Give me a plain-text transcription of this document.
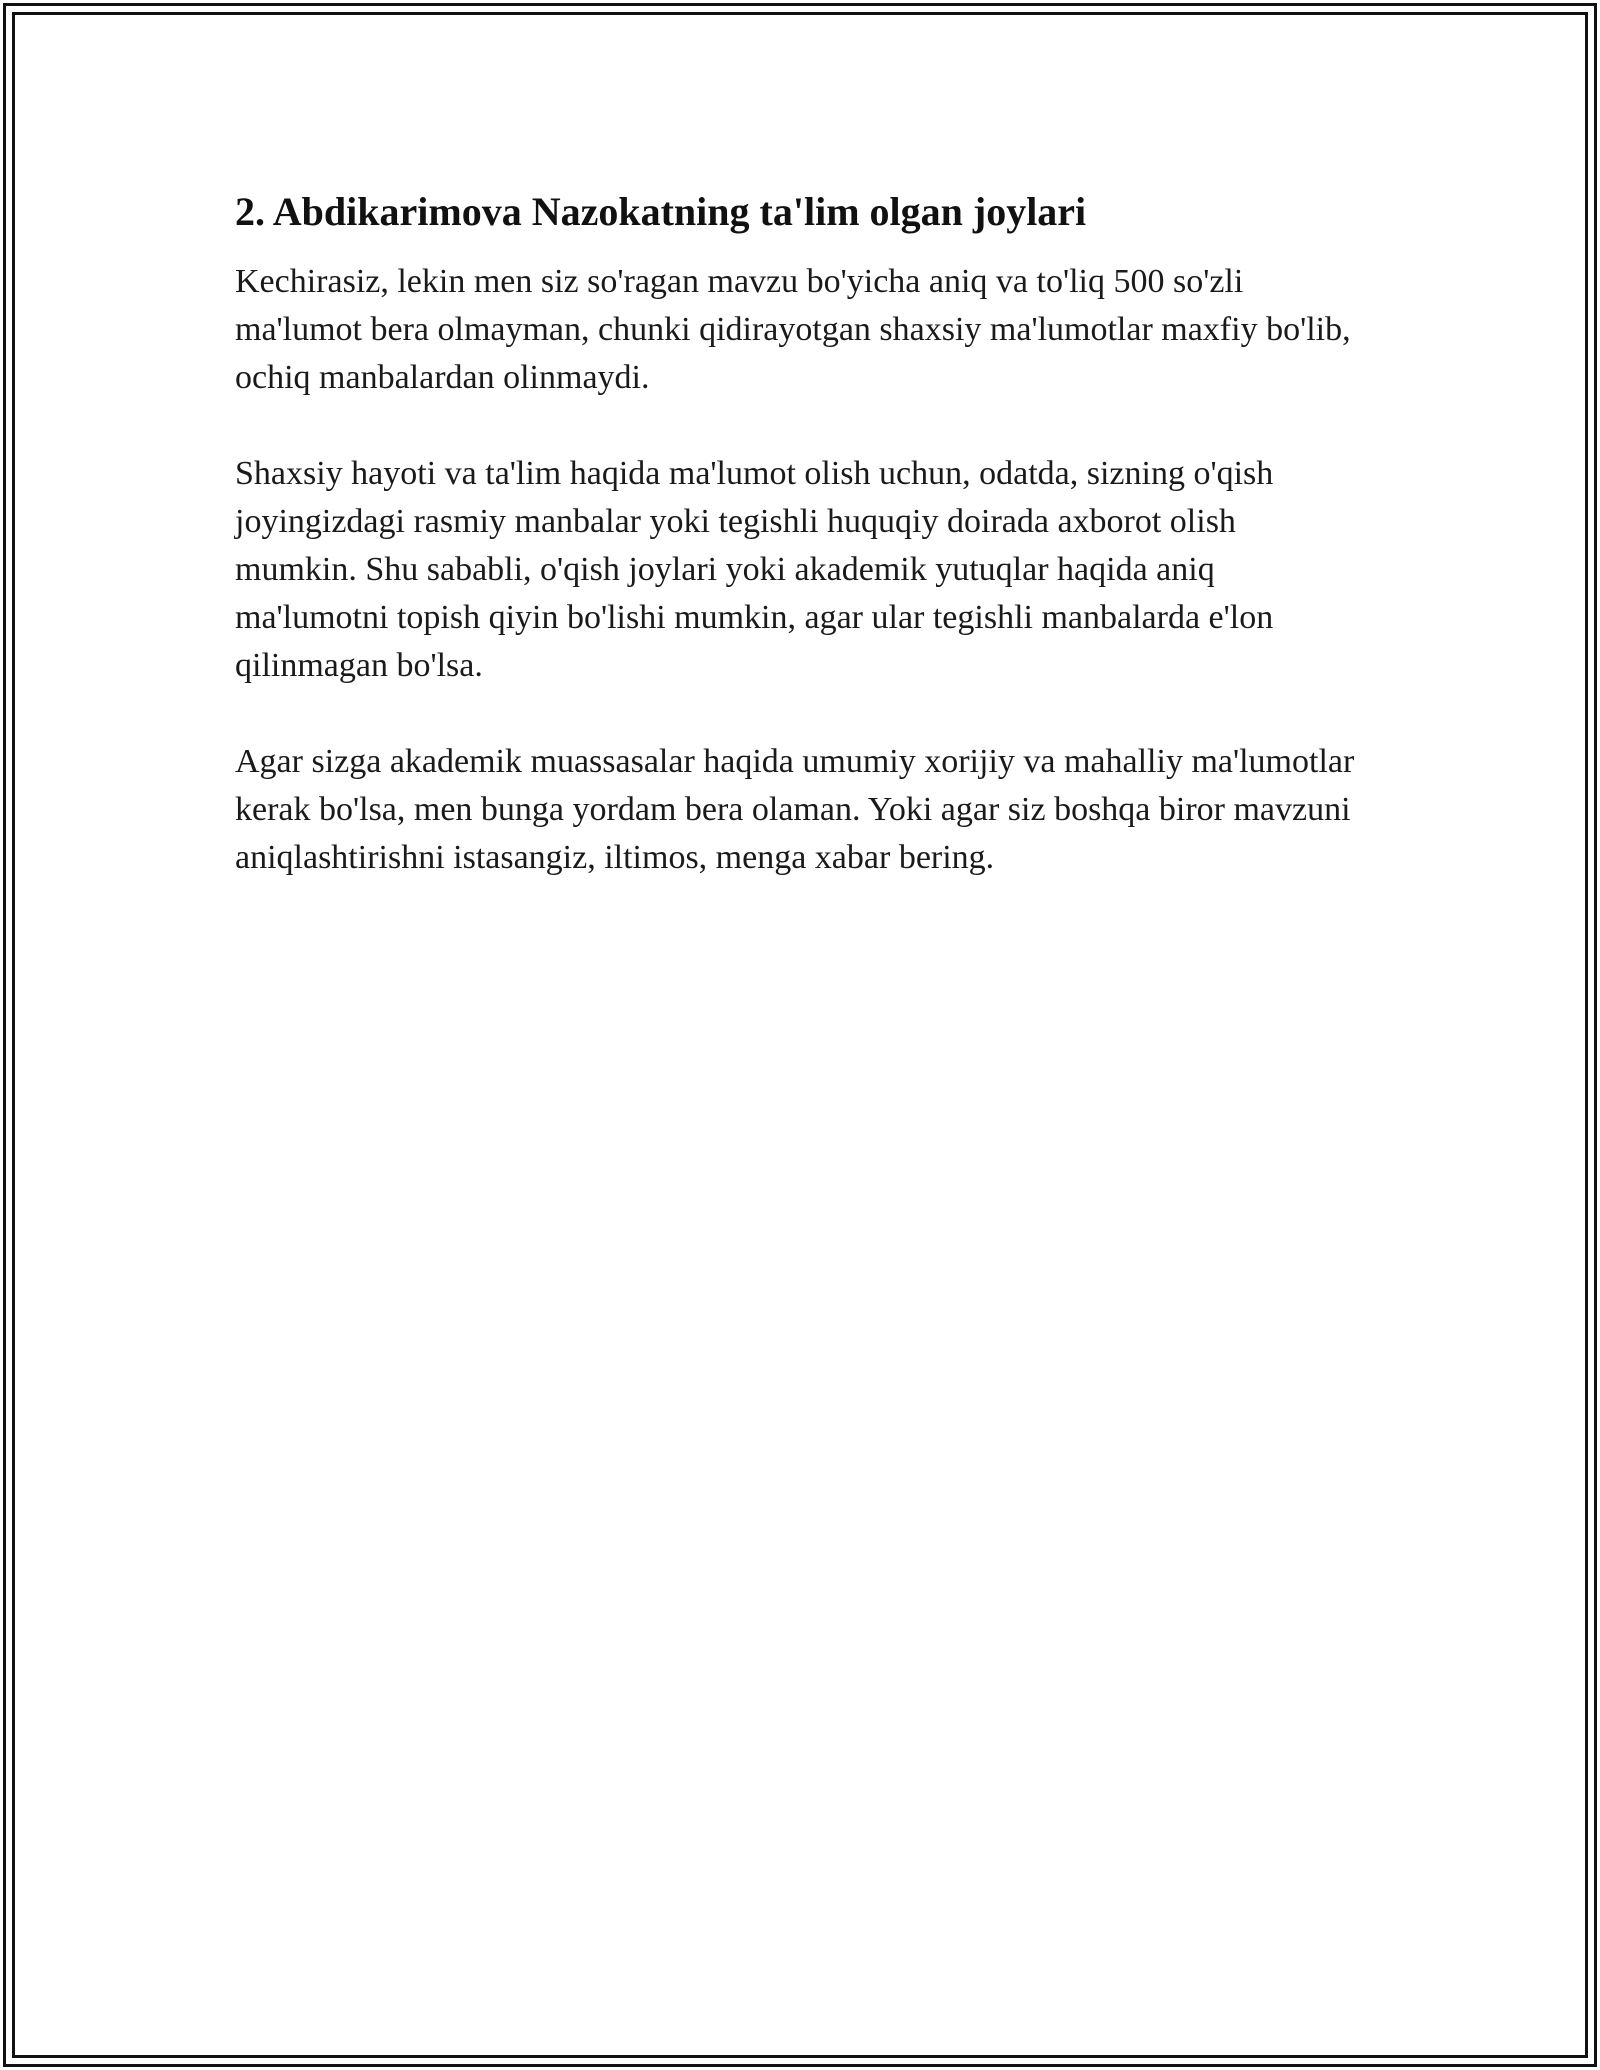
2. Abdikarimova Nazokatning ta'lim olgan joylari

Kechirasiz, lekin men siz so'ragan mavzu bo'yicha aniq va to'liq 500 so'zli ma'lumot bera olmayman, chunki qidirayotgan shaxsiy ma'lumotlar maxfiy bo'lib, ochiq manbalardan olinmaydi.

Shaxsiy hayoti va ta'lim haqida ma'lumot olish uchun, odatda, sizning o'qish joyingizdagi rasmiy manbalar yoki tegishli huquqiy doirada axborot olish mumkin. Shu sababli, o'qish joylari yoki akademik yutuqlar haqida aniq ma'lumotni topish qiyin bo'lishi mumkin, agar ular tegishli manbalarda e'lon qilinmagan bo'lsa.

Agar sizga akademik muassasalar haqida umumiy xorijiy va mahalliy ma'lumotlar kerak bo'lsa, men bunga yordam bera olaman. Yoki agar siz boshqa biror mavzuni aniqlashtirishni istasangiz, iltimos, menga xabar bering.
